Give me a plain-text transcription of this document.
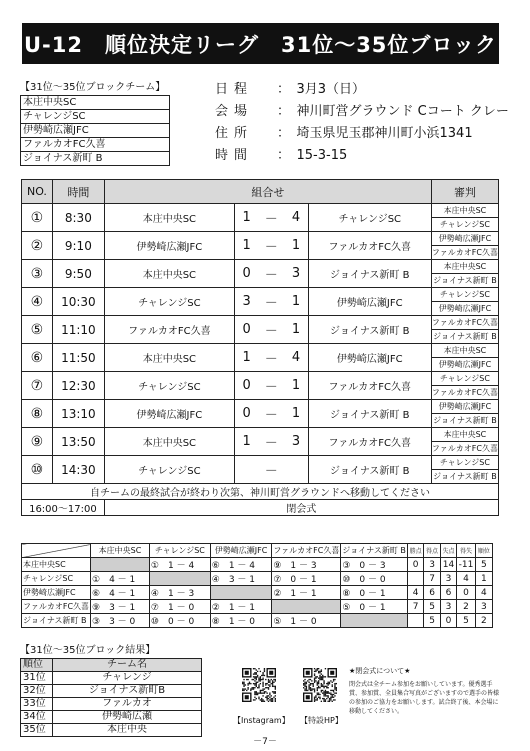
U-12　順位決定リーグ　31位～35位ブロック
【31位～35位ブロックチーム】
本庄中央SC
チャレンジSC
伊勢崎広瀬JFC
ファルカオFC久喜
ジョイナス新町 B
日程 ：　3月3（日）
会場 ：　神川町営グラウンド Cコート クレー
住所 ：　埼玉県児玉郡神川町小浜1341
時間 ：　15-3-15
NO.	時間	組合せ					審判
①	8:30	本庄中央SC	1	－	4	チャレンジSC	本庄中央SC
							チャレンジSC
②	9:10	伊勢崎広瀬JFC	1	－	1	ファルカオFC久喜	伊勢崎広瀬JFC
							ファルカオFC久喜
③	9:50	本庄中央SC	0	－	3	ジョイナス新町 B	本庄中央SC
							ジョイナス新町 B
④	10:30	チャレンジSC	3	－	1	伊勢崎広瀬JFC	チャレンジSC
							伊勢崎広瀬JFC
⑤	11:10	ファルカオFC久喜	0	－	1	ジョイナス新町 B	ファルカオFC久喜
							ジョイナス新町 B
⑥	11:50	本庄中央SC	1	－	4	伊勢崎広瀬JFC	本庄中央SC
							伊勢崎広瀬JFC
⑦	12:30	チャレンジSC	0	－	1	ファルカオFC久喜	チャレンジSC
							ファルカオFC久喜
⑧	13:10	伊勢崎広瀬JFC	0	－	1	ジョイナス新町 B	伊勢崎広瀬JFC
							ジョイナス新町 B
⑨	13:50	本庄中央SC	1	－	3	ファルカオFC久喜	本庄中央SC
							ファルカオFC久喜
⑩	14:30	チャレンジSC		－		ジョイナス新町 B	チャレンジSC
							ジョイナス新町 B
自チームの最終試合が終わり次第、神川町営グラウンドへ移動してください							
16:00～17:00		閉会式					
	本庄中央SC	チャレンジSC	伊勢崎広瀬JFC	ファルカオFC久喜	ジョイナス新町 B	勝点	得点	失点	得失	順位
本庄中央SC		①　1 － 4	⑥　1 － 4	⑨　1 － 3	③　0 － 3	0	3	14	-11	5
チャレンジSC	①　4 － 1		④　3 － 1	⑦　0 － 1	⑩　0 － 0		7	3	4	1
伊勢崎広瀬JFC	⑥　4 － 1	④　1 － 3		②　1 － 1	⑧　0 － 1	4	6	6	0	4
ファルカオFC久喜	⑨　3 － 1	⑦　1 － 0	②　1 － 1		⑤　0 － 1	7	5	3	2	3
ジョイナス新町 B	③　3 － 0	⑩　0 － 0	⑧　1 － 0	⑤　1 － 0			5	0	5	2
【31位～35位ブロック結果】
順位	チーム名
31位	チャレンジ
32位	ジョイナス新町B
33位	ファルカオ
34位	伊勢崎広瀬
35位	本庄中央
【Instagram】 【特設HP】
★閉会式について★
閉会式は全チーム参加をお願いしています。優秀選手賞、参加賞、全員集合写真がございますので選手の皆様の参加のご協力をお願いします。試合終了後、本会場に移動してください。
－7－
